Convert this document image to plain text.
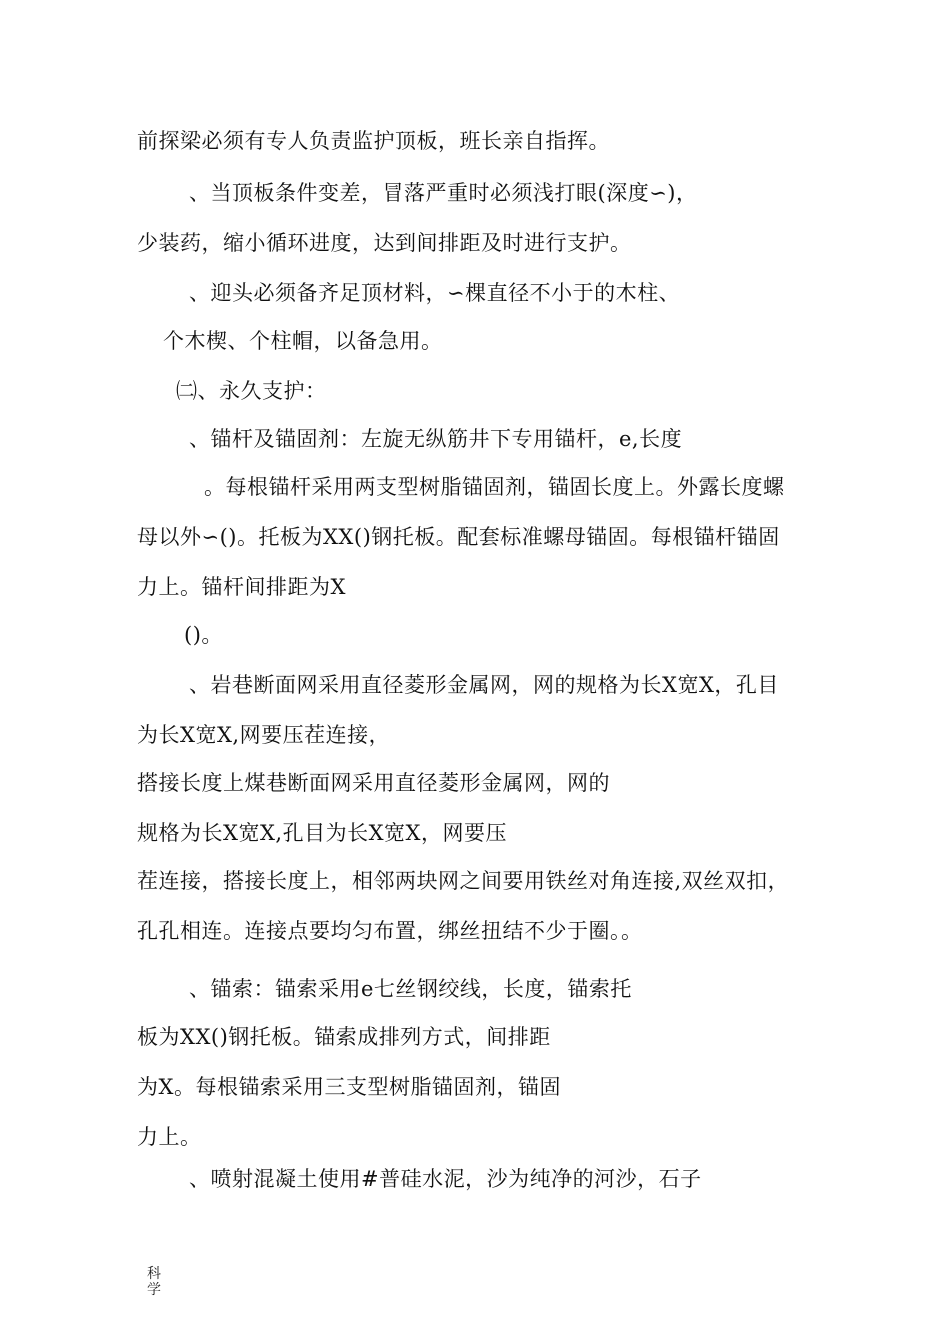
前探梁必须有专人负责监护顶板，班长亲自指挥。
、当顶板条件变差，冒落严重时必须浅打眼(深度∽)，
少装药，缩小循环进度，达到间排距及时进行支护。
、迎头必须备齐足顶材料，∽棵直径不小于的木柱、
个木楔、个柱帽，以备急用。
㈡、永久支护：
、锚杆及锚固剂：左旋无纵筋井下专用锚杆，e,长度
。每根锚杆采用两支型树脂锚固剂，锚固长度上。外露长度螺
母以外∽()。托板为XX()钢托板。配套标准螺母锚固。每根锚杆锚固
力上。锚杆间排距为X
()。
、岩巷断面网采用直径菱形金属网，网的规格为长X宽X，孔目
为长X宽X,网要压茬连接，
搭接长度上煤巷断面网采用直径菱形金属网，网的
规格为长X宽X,孔目为长X宽X，网要压
茬连接，搭接长度上，相邻两块网之间要用铁丝对角连接,双丝双扣，
孔孔相连。连接点要均匀布置，绑丝扭结不少于圈。。
、锚索：锚索采用e七丝钢绞线，长度，锚索托
板为XX()钢托板。锚索成排列方式，间排距
为X。每根锚索采用三支型树脂锚固剂，锚固
力上。
、喷射混凝土使用#普硅水泥，沙为纯净的河沙，石子
科
学
